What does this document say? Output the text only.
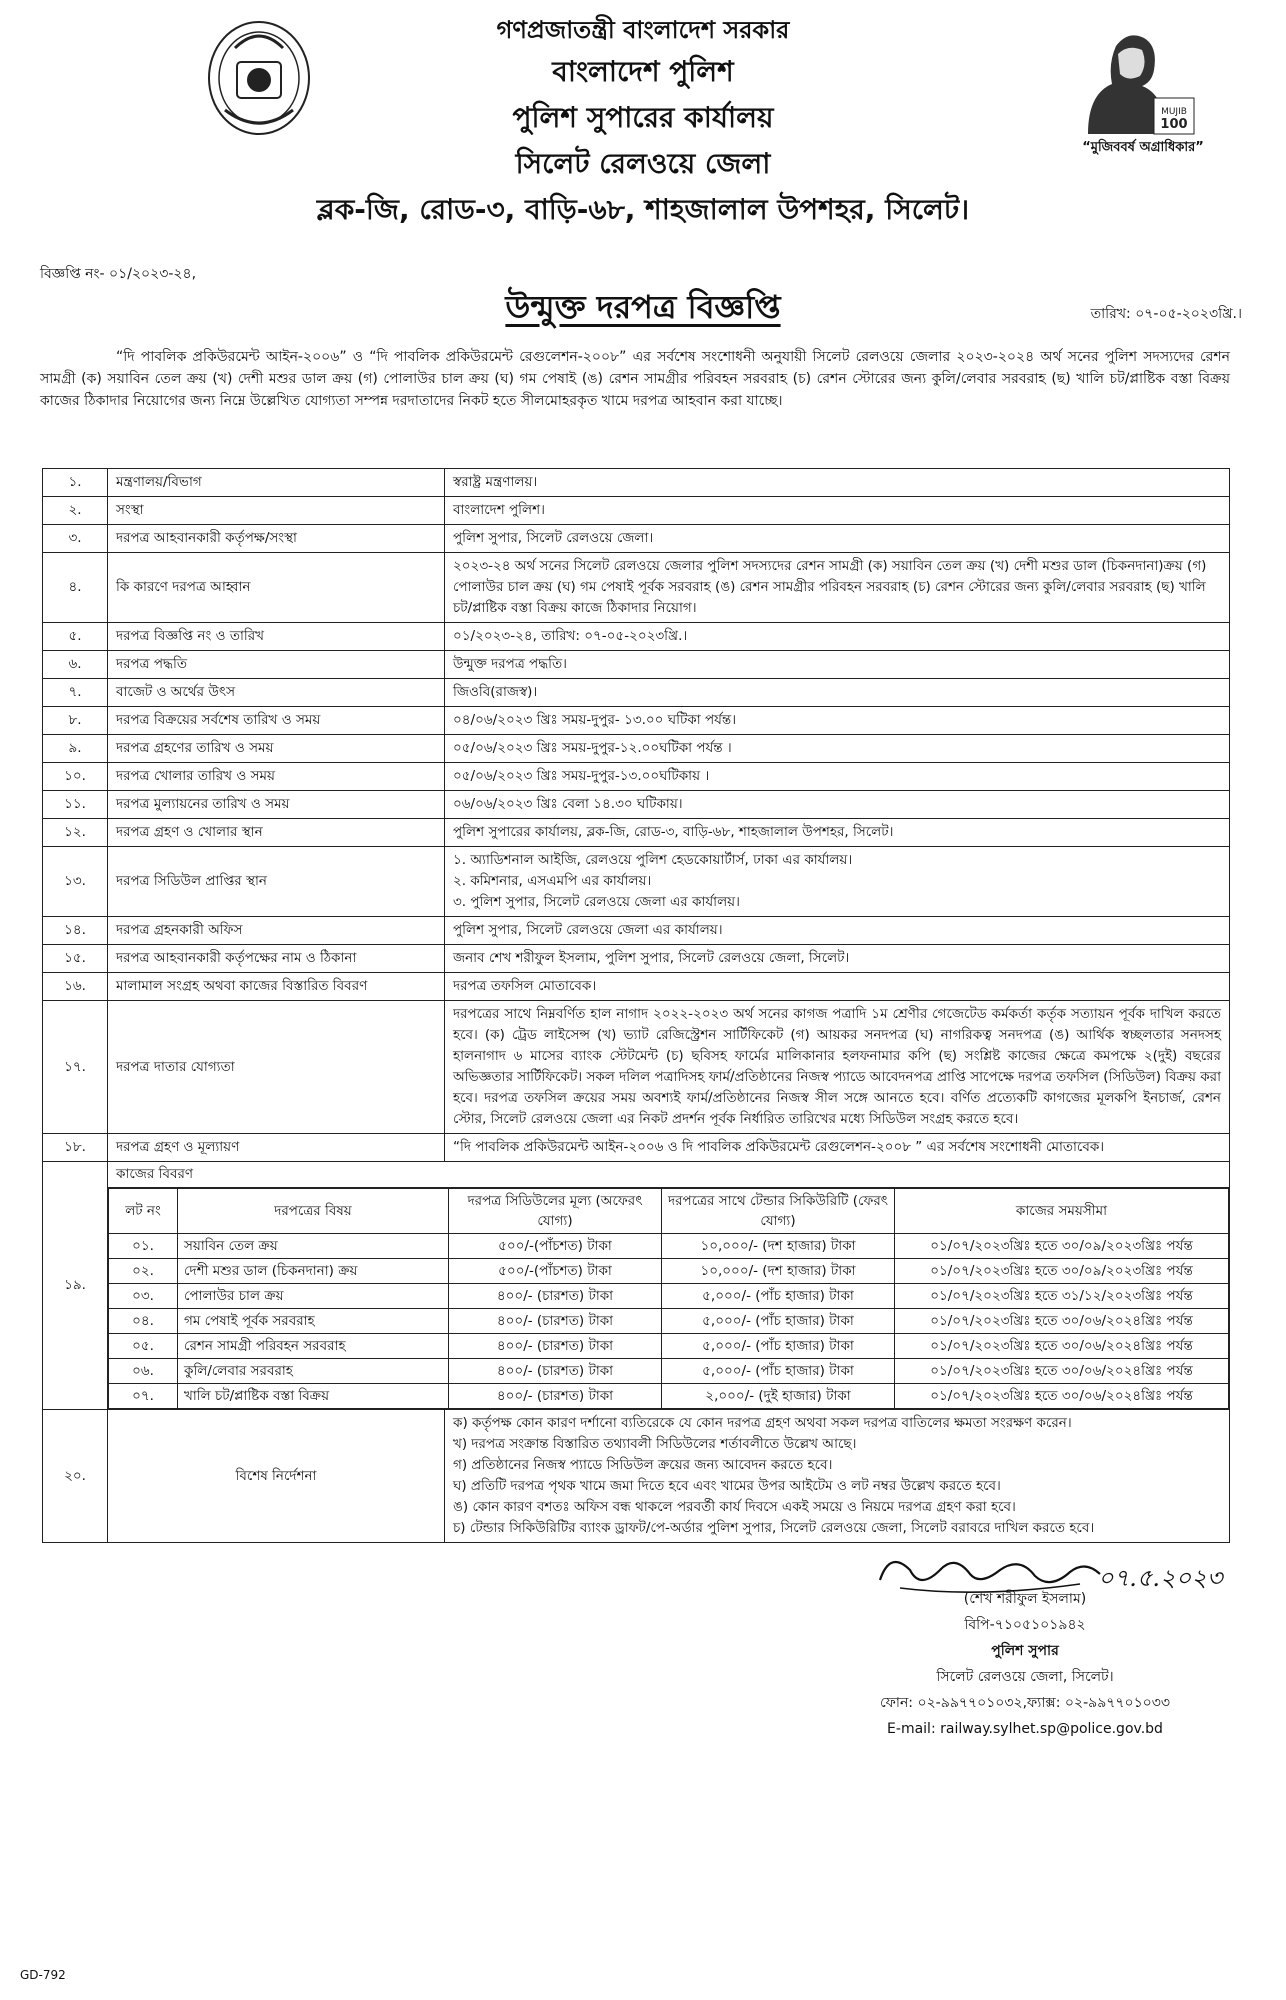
গণপ্রজাতন্ত্রী বাংলাদেশ সরকার
বাংলাদেশ পুলিশ
পুলিশ সুপারের কার্যালয়
সিলেট রেলওয়ে জেলা
ব্লক-জি, রোড-৩, বাড়ি-৬৮, শাহজালাল উপশহর, সিলেট।
MUJIB
100
“মুজিববর্ষ অগ্রাধিকার”
বিজ্ঞপ্তি নং- ০১/২০২৩-২৪,
তারিখ: ০৭-০৫-২০২৩খ্রি.।
উন্মুক্ত দরপত্র বিজ্ঞপ্তি
“দি পাবলিক প্রকিউরমেন্ট আইন-২০০৬” ও “দি পাবলিক প্রকিউরমেন্ট রেগুলেশন-২০০৮” এর সর্বশেষ সংশোধনী অনুযায়ী সিলেট রেলওয়ে জেলার ২০২৩-২০২৪ অর্থ সনের পুলিশ সদস্যদের রেশন সামগ্রী (ক) সয়াবিন তেল ক্রয় (খ) দেশী মশুর ডাল ক্রয় (গ) পোলাউর চাল ক্রয় (ঘ) গম পেষাই (ঙ) রেশন সামগ্রীর পরিবহন সরবরাহ (চ) রেশন স্টোরের জন্য কুলি/লেবার সরবরাহ (ছ) খালি চট/প্লাষ্টিক বস্তা বিক্রয় কাজের ঠিকাদার নিয়োগের জন্য নিম্নে উল্লেখিত যোগ্যতা সম্পন্ন দরদাতাদের নিকট হতে সীলমোহরকৃত খামে দরপত্র আহবান করা যাচ্ছে।
১.	মন্ত্রণালয়/বিভাগ	স্বরাষ্ট্র মন্ত্রণালয়।
২.	সংস্থা	বাংলাদেশ পুলিশ।
৩.	দরপত্র আহবানকারী কর্তৃপক্ষ/সংস্থা	পুলিশ সুপার, সিলেট রেলওয়ে জেলা।
৪.	কি কারণে দরপত্র আহ্বান	২০২৩-২৪ অর্থ সনের সিলেট রেলওয়ে জেলার পুলিশ সদস্যদের রেশন সামগ্রী (ক) সয়াবিন তেল ক্রয় (খ) দেশী মশুর ডাল (চিকনদানা)ক্রয় (গ) পোলাউর চাল ক্রয় (ঘ) গম পেষাই পূর্বক সরবরাহ (ঙ) রেশন সামগ্রীর পরিবহন সরবরাহ (চ) রেশন স্টোরের জন্য কুলি/লেবার সরবরাহ (ছ) খালি চট/প্লাষ্টিক বস্তা বিক্রয় কাজে ঠিকাদার নিয়োগ।
৫.	দরপত্র বিজ্ঞপ্তি নং ও তারিখ	০১/২০২৩-২৪, তারিখ: ০৭-০৫-২০২৩খ্রি.।
৬.	দরপত্র পদ্ধতি	উন্মুক্ত দরপত্র পদ্ধতি।
৭.	বাজেট ও অর্থের উৎস	জিওবি(রাজস্ব)।
৮.	দরপত্র বিক্রয়ের সর্বশেষ তারিখ ও সময়	০৪/০৬/২০২৩ খ্রিঃ সময়-দুপুর- ১৩.০০ ঘটিকা পর্যন্ত।
৯.	দরপত্র গ্রহণের তারিখ ও সময়	০৫/০৬/২০২৩ খ্রিঃ সময়-দুপুর-১২.০০ঘটিকা পর্যন্ত ।
১০.	দরপত্র খোলার তারিখ ও সময়	০৫/০৬/২০২৩ খ্রিঃ সময়-দুপুর-১৩.০০ঘটিকায় ।
১১.	দরপত্র মুল্যায়নের তারিখ ও সময়	০৬/০৬/২০২৩ খ্রিঃ বেলা ১৪.৩০ ঘটিকায়।
১২.	দরপত্র গ্রহণ ও খোলার স্থান	পুলিশ সুপারের কার্যালয়, ব্লক-জি, রোড-৩, বাড়ি-৬৮, শাহজালাল উপশহর, সিলেট।
১৩.	দরপত্র সিডিউল প্রাপ্তির স্থান	
১. অ্যাডিশনাল আইজি, রেলওয়ে পুলিশ হেডকোয়ার্টার্স, ঢাকা এর কার্যালয়।
২. কমিশনার, এসএমপি এর কার্যালয়।
৩. পুলিশ সুপার, সিলেট রেলওয়ে জেলা এর কার্যালয়।

১৪.	দরপত্র গ্রহনকারী অফিস	পুলিশ সুপার, সিলেট রেলওয়ে জেলা এর কার্যালয়।
১৫.	দরপত্র আহবানকারী কর্তৃপক্ষের নাম ও ঠিকানা	জনাব শেখ শরীফুল ইসলাম, পুলিশ সুপার, সিলেট রেলওয়ে জেলা, সিলেট।
১৬.	মালামাল সংগ্রহ অথবা কাজের বিস্তারিত বিবরণ	দরপত্র তফসিল মোতাবেক।
১৭.	দরপত্র দাতার যোগ্যতা	দরপত্রের সাথে নিম্নবর্ণিত হাল নাগাদ ২০২২-২০২৩ অর্থ সনের কাগজ পত্রাদি ১ম শ্রেণীর গেজেটেড কর্মকর্তা কর্তৃক সত্যায়ন পূর্বক দাখিল করতে হবে। (ক) ট্রেড লাইসেন্স (খ) ভ্যাট রেজিস্ট্রেশন সার্টিফিকেট (গ) আয়কর সনদপত্র (ঘ) নাগরিকত্ব সনদপত্র (ঙ) আর্থিক স্বচ্ছলতার সনদসহ হালনাগাদ ৬ মাসের ব্যাংক স্টেটমেন্ট (চ) ছবিসহ ফার্মের মালিকানার হলফনামার কপি (ছ) সংশ্লিষ্ট কাজের ক্ষেত্রে কমপক্ষে ২(দুই) বছরের অভিজ্ঞতার সার্টিফিকেট। সকল দলিল পত্রাদিসহ ফার্ম/প্রতিষ্ঠানের নিজস্ব প্যাডে আবেদনপত্র প্রাপ্তি সাপেক্ষে দরপত্র তফসিল (সিডিউল) বিক্রয় করা হবে। দরপত্র তফসিল ক্রয়ের সময় অবশ্যই ফার্ম/প্রতিষ্ঠানের নিজস্ব সীল সঙ্গে আনতে হবে। বর্ণিত প্রত্যেকটি কাগজের মূলকপি ইনচার্জ, রেশন স্টোর, সিলেট রেলওয়ে জেলা এর নিকট প্রদর্শন পূর্বক নির্ধারিত তারিখের মধ্যে সিডিউল সংগ্রহ করতে হবে।
১৮.	দরপত্র গ্রহণ ও মূল্যায়ণ	“দি পাবলিক প্রকিউরমেন্ট আইন-২০০৬ ও দি পাবলিক প্রকিউরমেন্ট রেগুলেশন-২০০৮ ” এর সর্বশেষ সংশোধনী মোতাবেক।
১৯.	
কাজের বিবরণ
লট নং	দরপত্রের বিষয়	দরপত্র সিডিউলের মূল্য (অফেরৎ যোগ্য)	দরপত্রের সাথে টেন্ডার সিকিউরিটি (ফেরৎ যোগ্য)	কাজের সময়সীমা
০১.	সয়াবিন তেল ক্রয়	৫০০/-(পাঁচশত) টাকা	১০,০০০/- (দশ হাজার) টাকা	০১/০৭/২০২৩খ্রিঃ হতে ৩০/০৯/২০২৩খ্রিঃ পর্যন্ত
০২.	দেশী মশুর ডাল (চিকনদানা) ক্রয়	৫০০/-(পাঁচশত) টাকা	১০,০০০/- (দশ হাজার) টাকা	০১/০৭/২০২৩খ্রিঃ হতে ৩০/০৯/২০২৩খ্রিঃ পর্যন্ত
০৩.	পোলাউর চাল ক্রয়	৪০০/- (চারশত) টাকা	৫,০০০/- (পাঁচ হাজার) টাকা	০১/০৭/২০২৩খ্রিঃ হতে ৩১/১২/২০২৩খ্রিঃ পর্যন্ত
০৪.	গম পেষাই পূর্বক সরবরাহ	৪০০/- (চারশত) টাকা	৫,০০০/- (পাঁচ হাজার) টাকা	০১/০৭/২০২৩খ্রিঃ হতে ৩০/০৬/২০২৪খ্রিঃ পর্যন্ত
০৫.	রেশন সামগ্রী পরিবহন সরবরাহ	৪০০/- (চারশত) টাকা	৫,০০০/- (পাঁচ হাজার) টাকা	০১/০৭/২০২৩খ্রিঃ হতে ৩০/০৬/২০২৪খ্রিঃ পর্যন্ত
০৬.	কুলি/লেবার সরবরাহ	৪০০/- (চারশত) টাকা	৫,০০০/- (পাঁচ হাজার) টাকা	০১/০৭/২০২৩খ্রিঃ হতে ৩০/০৬/২০২৪খ্রিঃ পর্যন্ত
০৭.	খালি চট/প্লাষ্টিক বস্তা বিক্রয়	৪০০/- (চারশত) টাকা	২,০০০/- (দুই হাজার) টাকা	০১/০৭/২০২৩খ্রিঃ হতে ৩০/০৬/২০২৪খ্রিঃ পর্যন্ত

২০.	বিশেষ নির্দেশনা	
ক) কর্তৃপক্ষ কোন কারণ দর্শানো ব্যতিরেকে যে কোন দরপত্র গ্রহণ অথবা সকল দরপত্র বাতিলের ক্ষমতা সংরক্ষণ করেন।
খ) দরপত্র সংক্রান্ত বিস্তারিত তথ্যাবলী সিডিউলের শর্তাবলীতে উল্লেখ আছে।
গ) প্রতিষ্ঠানের নিজস্ব প্যাডে সিডিউল ক্রয়ের জন্য আবেদন করতে হবে।
ঘ) প্রতিটি দরপত্র পৃথক খামে জমা দিতে হবে এবং খামের উপর আইটেম ও লট নম্বর উল্লেখ করতে হবে।
ঙ) কোন কারণ বশতঃ অফিস বন্ধ থাকলে পরবর্তী কার্য দিবসে একই সময়ে ও নিয়মে দরপত্র গ্রহণ করা হবে।
চ) টেন্ডার সিকিউরিটির ব্যাংক ড্রাফট/পে-অর্ডার পুলিশ সুপার, সিলেট রেলওয়ে জেলা, সিলেট বরাবরে দাখিল করতে হবে।
০৭.৫.২০২৩
(শেখ শরীফুল ইসলাম)
বিপি-৭১০৫১০১৯৪২
পুলিশ সুপার
সিলেট রেলওয়ে জেলা, সিলেট।
ফোন: ০২-৯৯৭৭০১০৩২,ফ্যাক্স: ০২-৯৯৭৭০১০৩৩
E-mail: railway.sylhet.sp@police.gov.bd
GD-792
